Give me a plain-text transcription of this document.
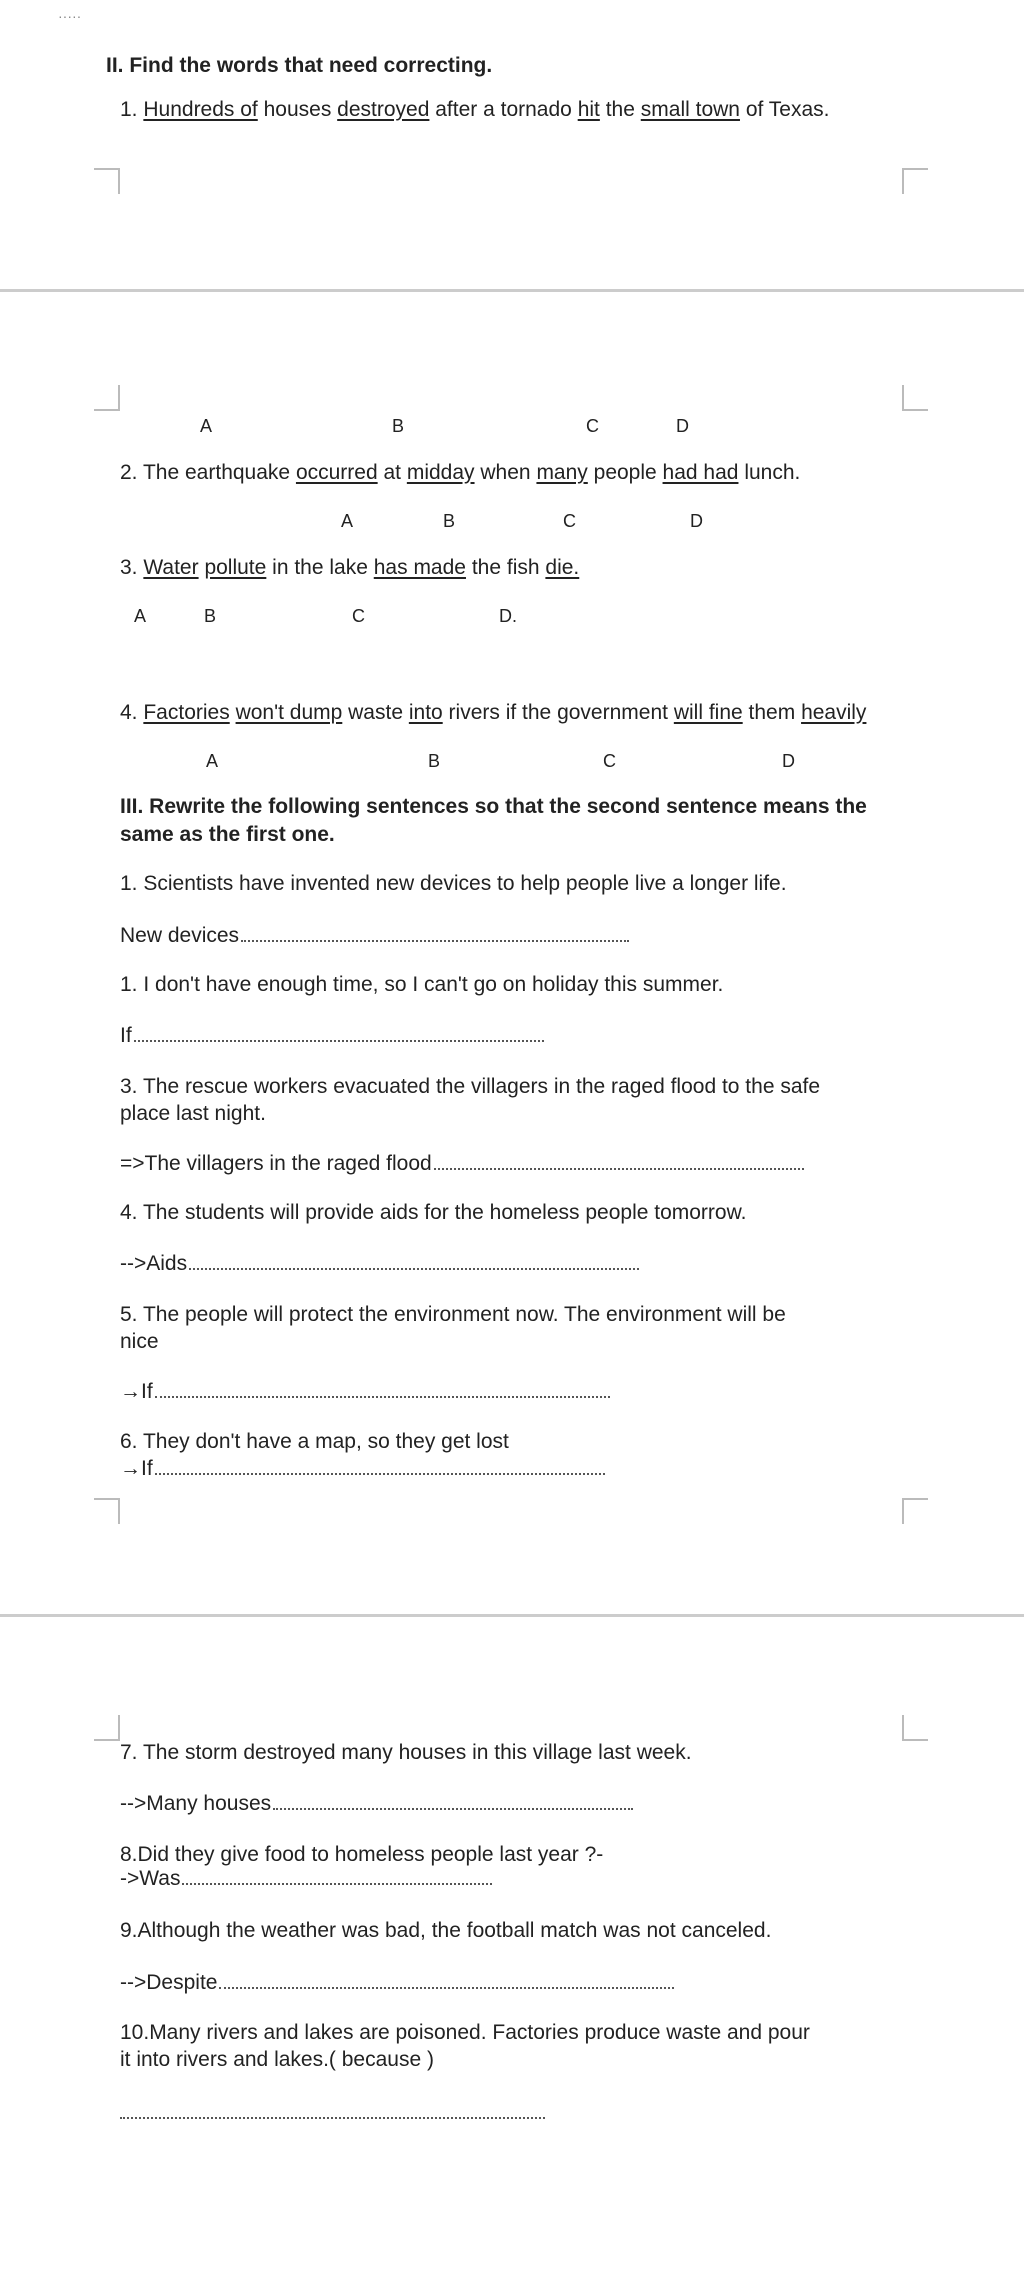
·····
II. Find the words that need correcting.
1. Hundreds of houses destroyed after a tornado hit the small town of Texas.
A	B	C	D
2. The earthquake occurred at midday when many people had had lunch.
A	B	C	D
3. Water pollute in the lake has made the fish die.
A	B	C	D.
4. Factories won't dump waste into rivers if the government will fine them heavily
A	B	C	D
III. Rewrite the following sentences so that the second sentence means the
same as the first one.
1. Scientists have invented new devices to help people live a longer life.
New devices
1. I don't have enough time, so I can't go on holiday this summer.
If
3. The rescue workers evacuated the villagers in the raged flood to the safe
place last night.
=>The villagers in the raged flood
4. The students will provide aids for the homeless people tomorrow.
-->Aids
5. The people will protect the environment now. The environment will be
nice
→If
6. They don't have a map, so they get lost
→If
7. The storm destroyed many houses in this village last week.
-->Many houses
8.Did they give food to homeless people last year ?-
->Was
9.Although the weather was bad, the football match was not canceled.
-->Despite
10.Many rivers and lakes are poisoned. Factories produce waste and pour
it into rivers and lakes.( because )
